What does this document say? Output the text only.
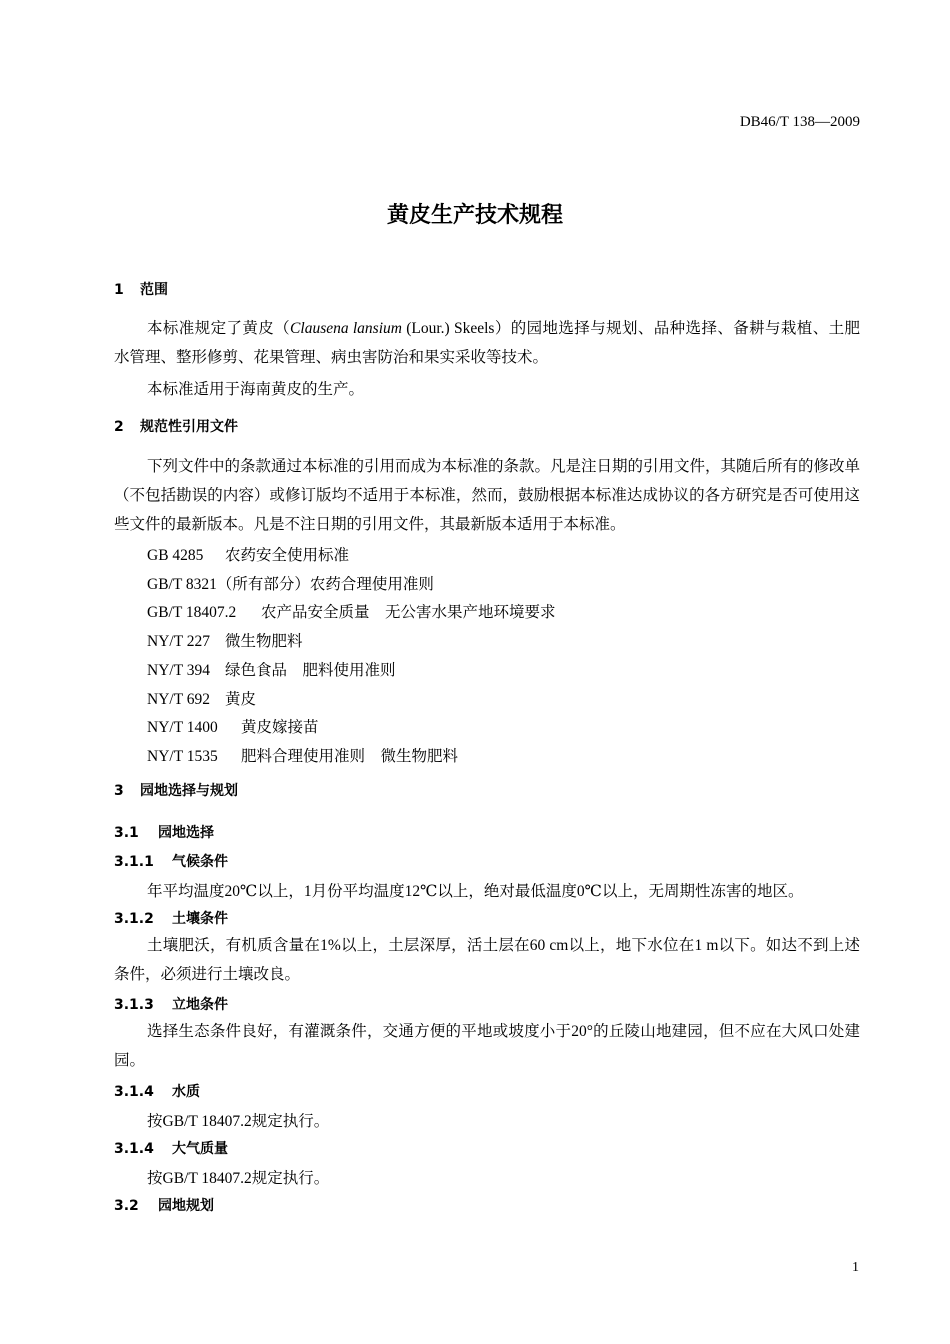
DB46/T 138—2009
黄皮生产技术规程
1 范围
本标准规定了黄皮（Clausena lansium (Lour.) Skeels）的园地选择与规划、品种选择、备耕与栽植、土肥水管理、整形修剪、花果管理、病虫害防治和果实采收等技术。
本标准适用于海南黄皮的生产。
2 规范性引用文件
下列文件中的条款通过本标准的引用而成为本标准的条款。凡是注日期的引用文件，其随后所有的修改单（不包括勘误的内容）或修订版均不适用于本标准，然而，鼓励根据本标准达成协议的各方研究是否可使用这些文件的最新版本。凡是不注日期的引用文件，其最新版本适用于本标准。
GB 4285 农药安全使用标准
GB/T 8321（所有部分）农药合理使用准则
GB/T 18407.2 农产品安全质量　无公害水果产地环境要求
NY/T 227 微生物肥料
NY/T 394 绿色食品　肥料使用准则
NY/T 692 黄皮
NY/T 1400 黄皮嫁接苗
NY/T 1535 肥料合理使用准则　微生物肥料
3 园地选择与规划
3.1 园地选择
3.1.1 气候条件
年平均温度20℃以上，1月份平均温度12℃以上，绝对最低温度0℃以上，无周期性冻害的地区。
3.1.2 土壤条件
土壤肥沃，有机质含量在1%以上，土层深厚，活土层在60 cm以上，地下水位在1 m以下。如达不到上述条件，必须进行土壤改良。
3.1.3 立地条件
选择生态条件良好，有灌溉条件，交通方便的平地或坡度小于20°的丘陵山地建园，但不应在大风口处建园。
3.1.4 水质
按GB/T 18407.2规定执行。
3.1.4 大气质量
按GB/T 18407.2规定执行。
3.2 园地规划
1
